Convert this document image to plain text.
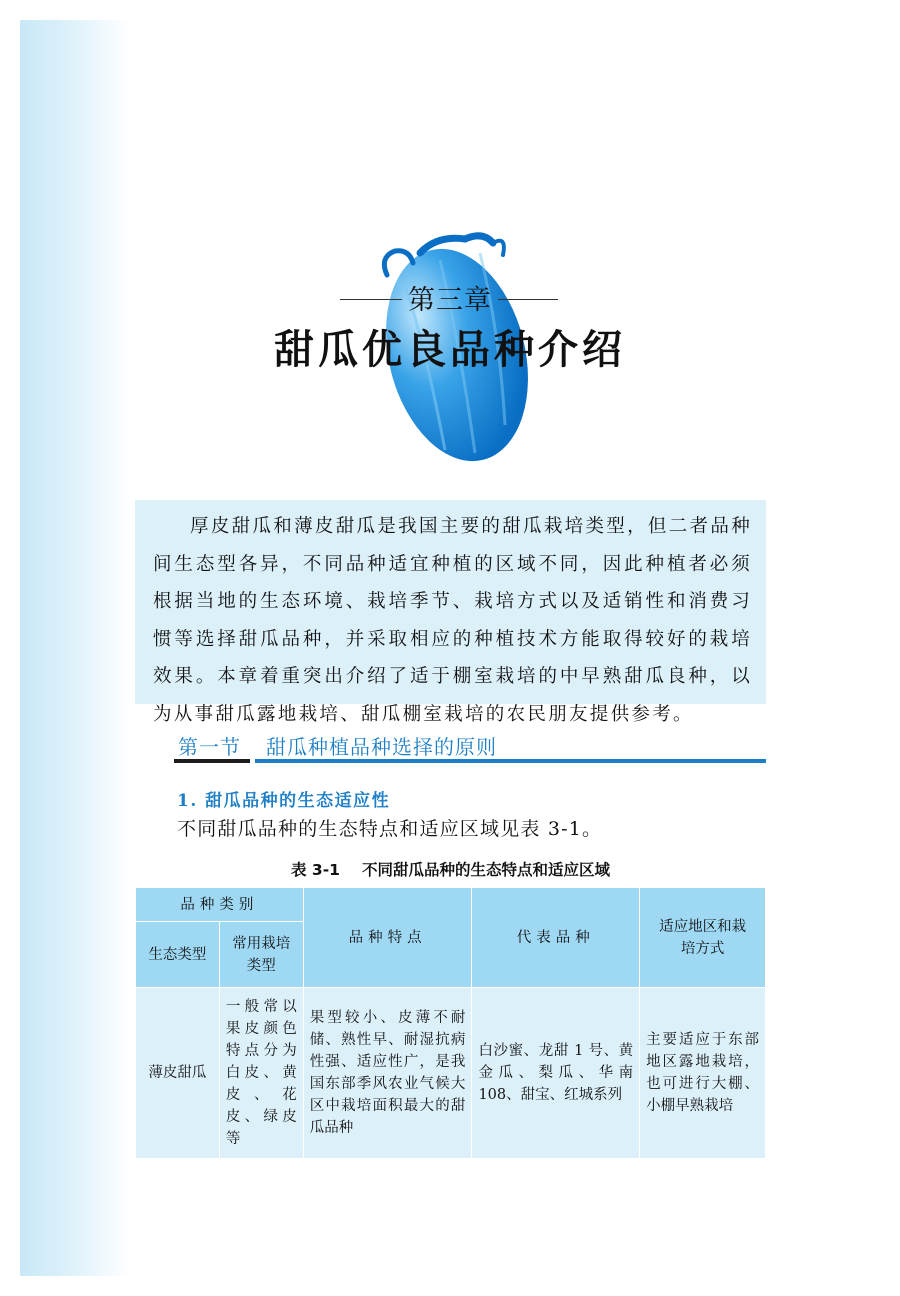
第三章
甜瓜优良品种介绍

厚皮甜瓜和薄皮甜瓜是我国主要的甜瓜栽培类型，但二者品种间生态型各异，不同品种适宜种植的区域不同，因此种植者必须根据当地的生态环境、栽培季节、栽培方式以及适销性和消费习惯等选择甜瓜品种，并采取相应的种植技术方能取得较好的栽培效果。本章着重突出介绍了适于棚室栽培的中早熟甜瓜良种，以为从事甜瓜露地栽培、甜瓜棚室栽培的农民朋友提供参考。

第一节 甜瓜种植品种选择的原则
1. 甜瓜品种的生态适应性
不同甜瓜品种的生态特点和适应区域见表 3-1。
表 3-1 不同甜瓜品种的生态特点和适应区域
品种类别		品种特点	代表品种	适应地区和栽培方式
生态类型	常用栽培类型			
薄皮甜瓜	一般常以果皮颜色特点分为白皮、黄皮、花皮、绿皮等	果型较小、皮薄不耐储、熟性早、耐湿抗病性强、适应性广，是我国东部季风农业气候大区中栽培面积最大的甜瓜品种	白沙蜜、龙甜 1 号、黄金瓜、梨瓜、华南 108、甜宝、红城系列	主要适应于东部地区露地栽培，也可进行大棚、小棚早熟栽培
